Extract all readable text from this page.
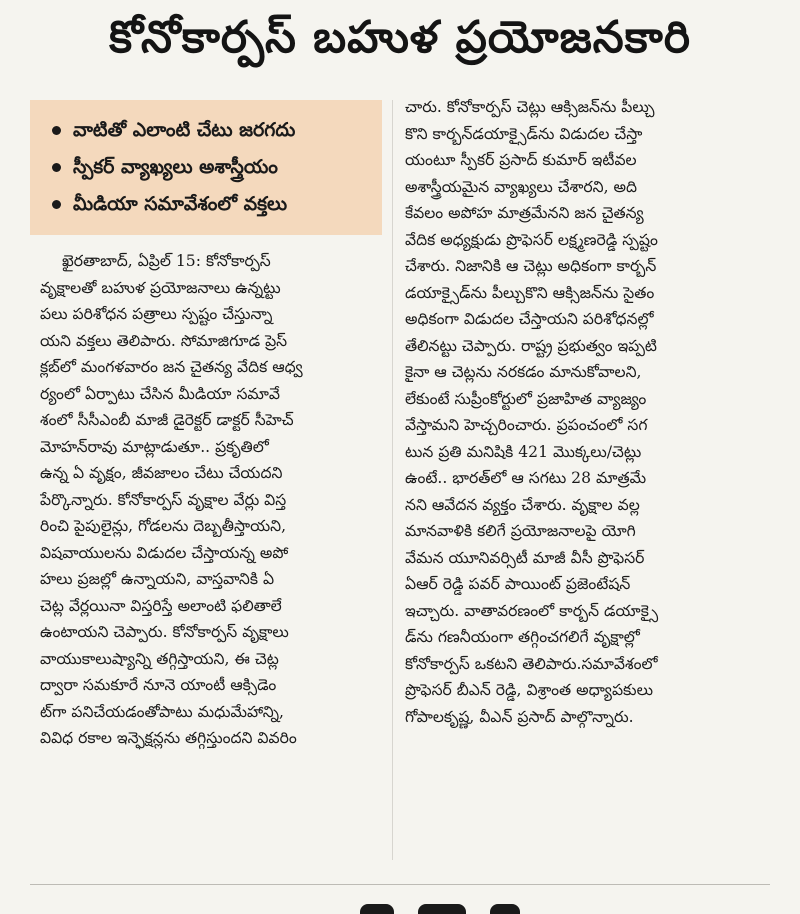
కోనోకార్పస్ బహుళ ప్రయోజనకారి
వాటితో ఎలాంటి చేటు జరగదు
స్పీకర్ వ్యాఖ్యలు అశాస్త్రీయం
మీడియా సమావేశంలో వక్తలు
ఖైరతాబాద్, ఏప్రిల్ 15: కోనోకార్పస్
వృక్షాలతో బహుళ ప్రయోజనాలు ఉన్నట్టు
పలు పరిశోధన పత్రాలు స్పష్టం చేస్తున్నా
యని వక్తలు తెలిపారు. సోమాజిగూడ ప్రెస్
క్లబ్‌లో మంగళవారం జన చైతన్య వేదిక ఆధ్వ
ర్యంలో ఏర్పాటు చేసిన మీడియా సమావే
శంలో సీసీఎంబీ మాజీ డైరెక్టర్ డాక్టర్ సీహెచ్
మోహన్‌రావు మాట్లాడుతూ.. ప్రకృతిలో
ఉన్న ఏ వృక్షం, జీవజాలం చేటు చేయదని
పేర్కొన్నారు. కోనోకార్పస్ వృక్షాల వేర్లు విస్త
రించి పైపులైన్లు, గోడలను దెబ్బతీస్తాయని,
విషవాయులను విడుదల చేస్తాయన్న అపో
హలు ప్రజల్లో ఉన్నాయని, వాస్తవానికి ఏ
చెట్ల వేర్లయినా విస్తరిస్తే అలాంటి ఫలితాలే
ఉంటాయని చెప్పారు. కోనోకార్పస్ వృక్షాలు
వాయుకాలుష్యాన్ని తగ్గిస్తాయని, ఈ చెట్ల
ద్వారా సమకూరే నూనె యాంటీ ఆక్సిడెం
ట్‌గా పనిచేయడంతోపాటు మధుమేహాన్ని,
వివిధ రకాల ఇన్ఫెక్షన్లను తగ్గిస్తుందని వివరిం
చారు. కోనోకార్పస్ చెట్లు ఆక్సిజన్‌ను పీల్చు
కొని కార్బన్‌డయాక్సైడ్‌ను విడుదల చేస్తా
యంటూ స్పీకర్ ప్రసాద్ కుమార్ ఇటీవల
అశాస్త్రీయమైన వ్యాఖ్యలు చేశారని, అది
కేవలం అపోహ మాత్రమేనని జన చైతన్య
వేదిక అధ్యక్షుడు ప్రొఫెసర్ లక్ష్మణరెడ్డి స్పష్టం
చేశారు. నిజానికి ఆ చెట్లు అధికంగా కార్బన్
డయాక్సైడ్‌ను పీల్చుకొని ఆక్సిజన్‌ను సైతం
అధికంగా విడుదల చేస్తాయని పరిశోధనల్లో
తేలినట్టు చెప్పారు. రాష్ట్ర ప్రభుత్వం ఇప్పటి
కైనా ఆ చెట్లను నరకడం మానుకోవాలని,
లేకుంటే సుప్రీంకోర్టులో ప్రజాహిత వ్యాజ్యం
వేస్తామని హెచ్చరించారు. ప్రపంచంలో సగ
టున ప్రతి మనిషికి 421 మొక్కలు/చెట్లు
ఉంటే.. భారత్‌లో ఆ సగటు 28 మాత్రమే
నని ఆవేదన వ్యక్తం చేశారు. వృక్షాల వల్ల
మానవాళికి కలిగే ప్రయోజనాలపై యోగి
వేమన యూనివర్సిటీ మాజీ వీసీ ప్రొఫెసర్
ఏఆర్ రెడ్డి పవర్ పాయింట్ ప్రజెంటేషన్
ఇచ్చారు. వాతావరణంలో కార్బన్ డయాక్సై
డ్‌ను గణనీయంగా తగ్గించగలిగే వృక్షాల్లో
కోనోకార్పస్ ఒకటని తెలిపారు.సమావేశంలో
ప్రొఫెసర్ బీఎన్ రెడ్డి, విశ్రాంత అధ్యాపకులు
గోపాలకృష్ణ, వీఎన్ ప్రసాద్ పాల్గొన్నారు.
